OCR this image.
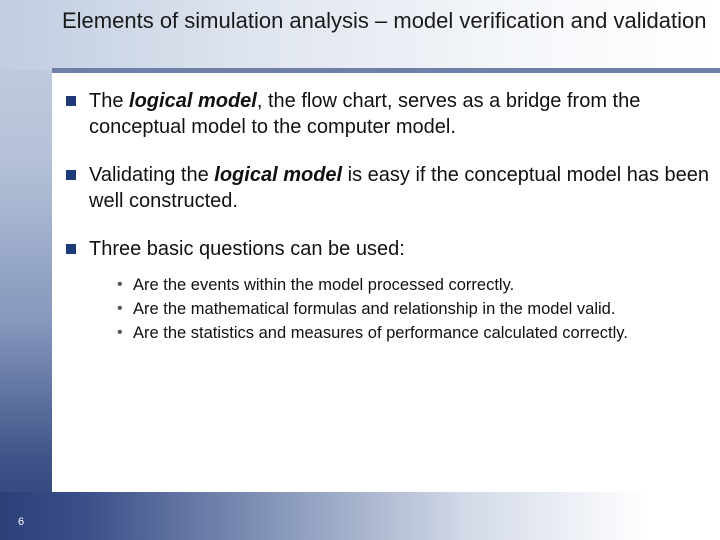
Elements of simulation analysis – model verification and validation
The logical model, the flow chart, serves as a bridge from the conceptual model to the computer model.
Validating the logical model is easy if the conceptual model has been well constructed.
Three basic questions can be used:
• Are the events within the model processed correctly.
• Are the mathematical formulas and relationship in the model valid.
• Are the statistics and measures of performance calculated correctly.
6
